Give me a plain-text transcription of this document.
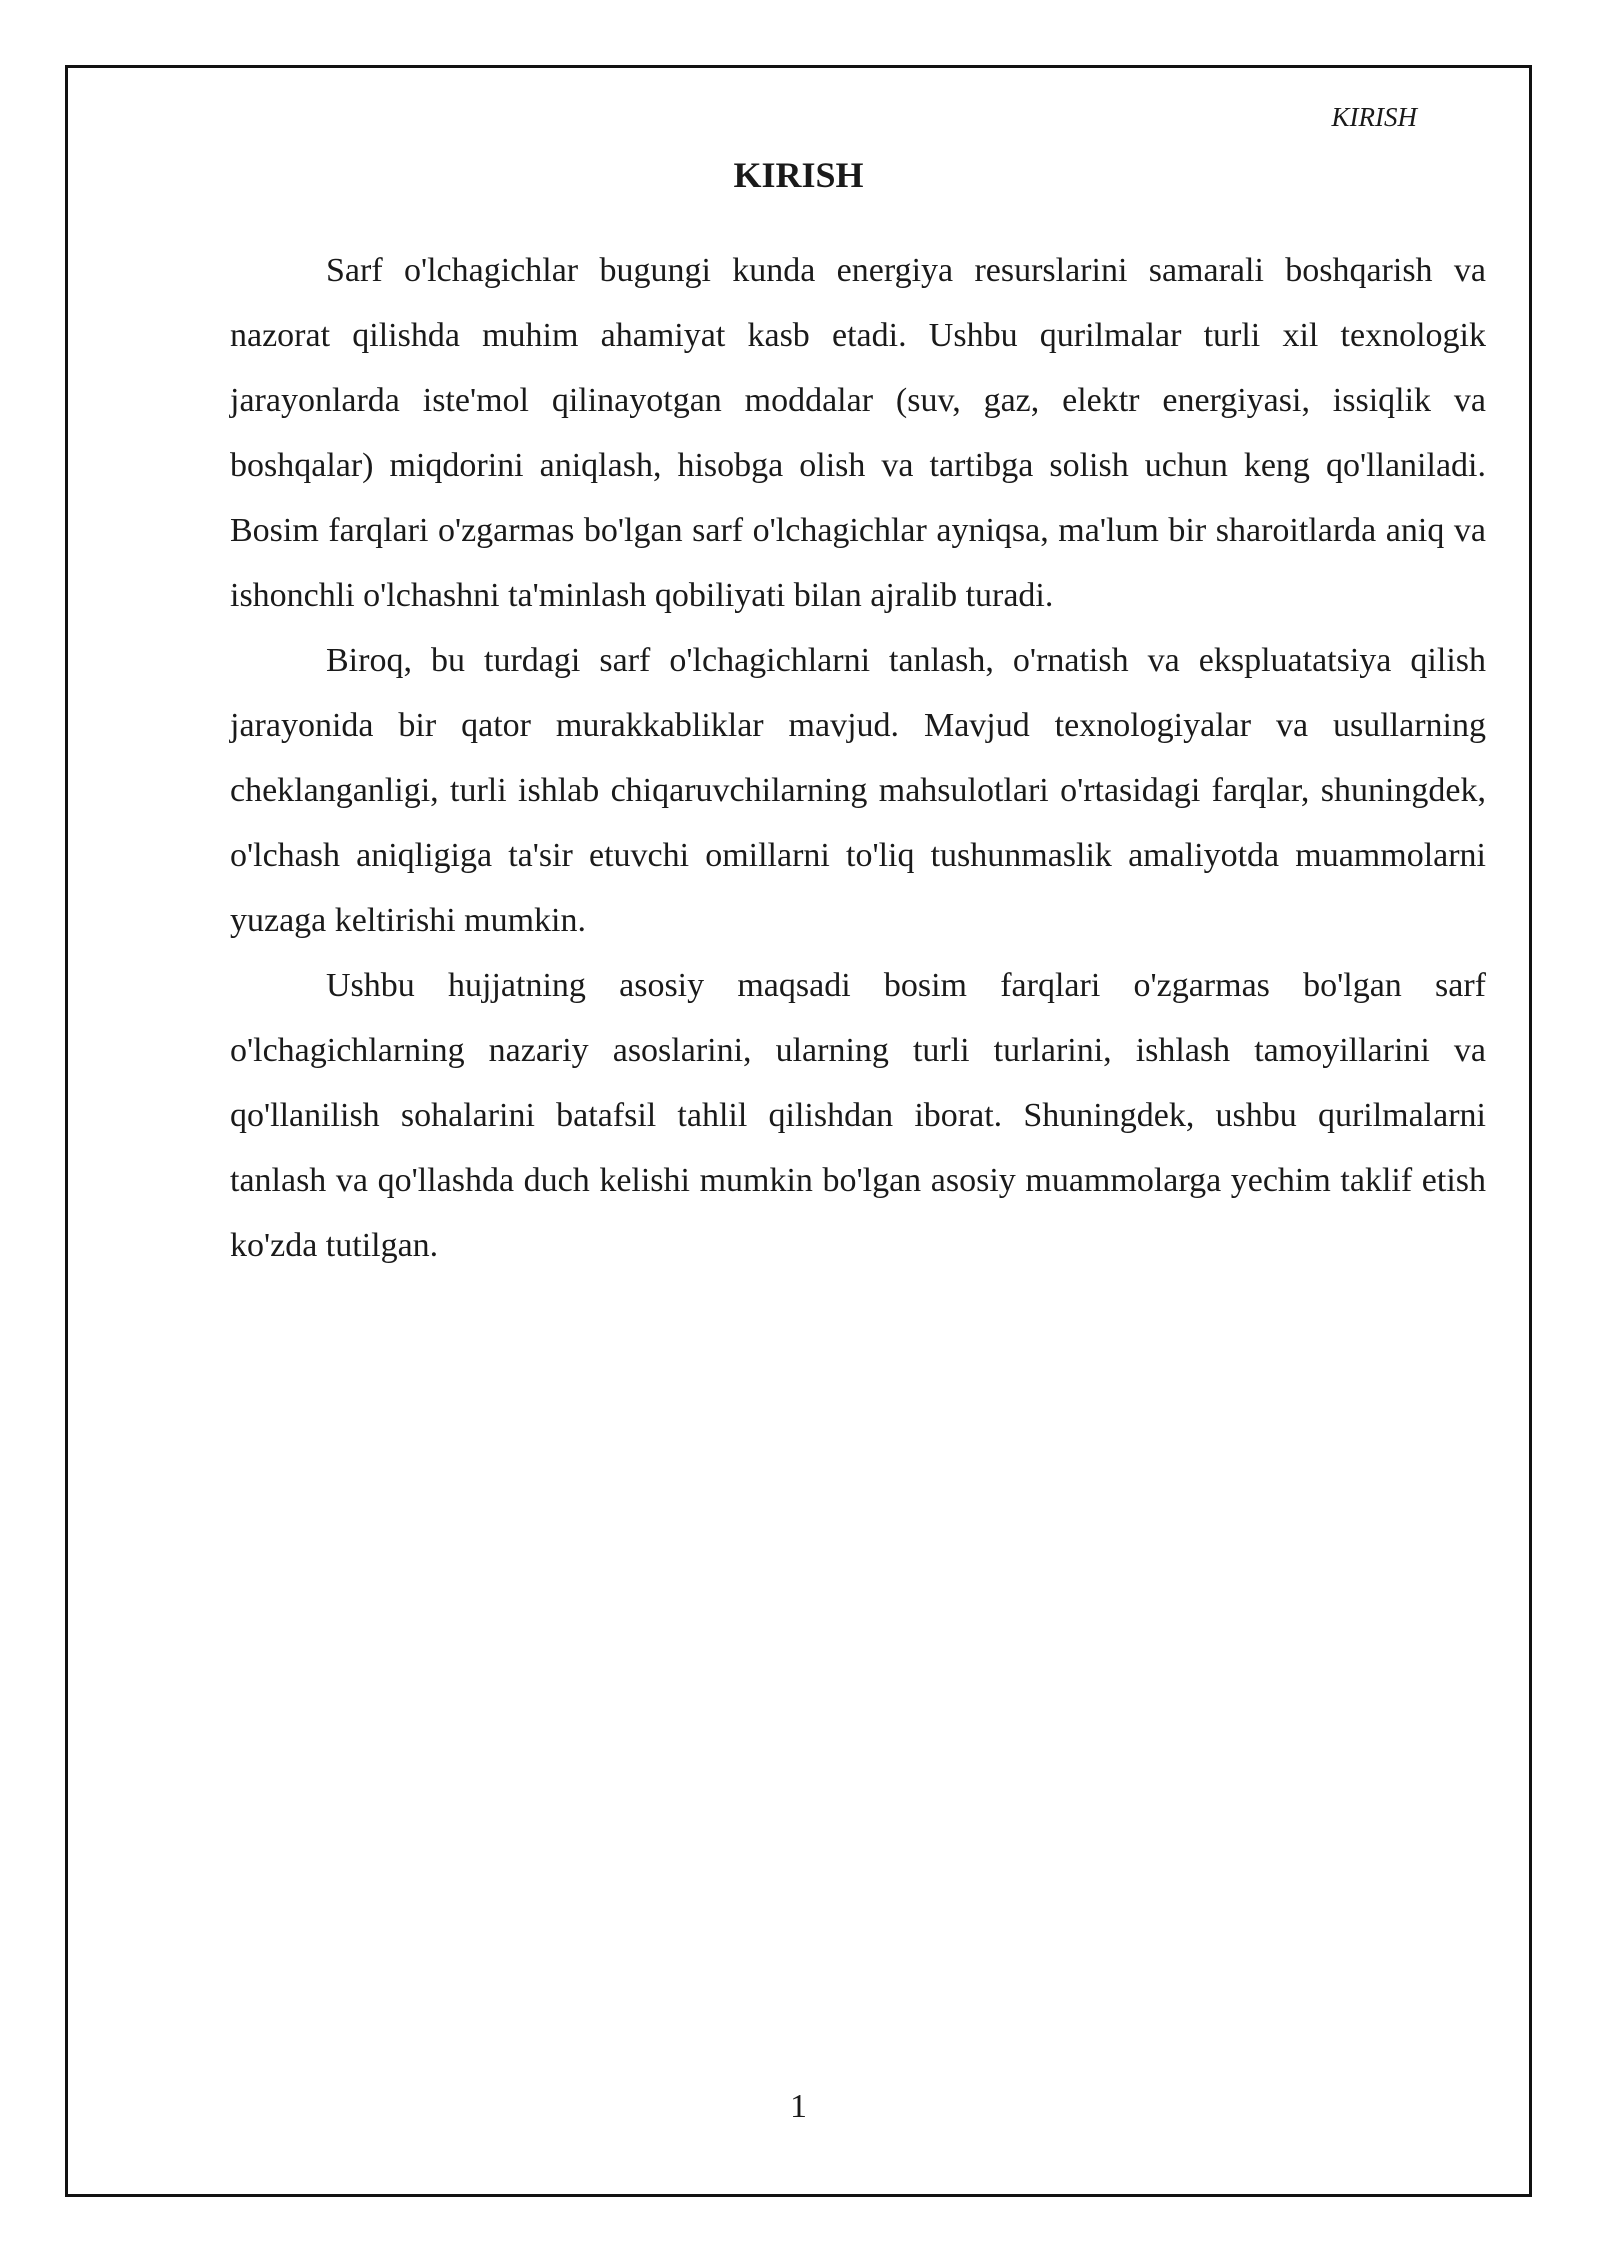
KIRISH
KIRISH

Sarf o'lchagichlar bugungi kunda energiya resurslarini samarali boshqarish va nazorat qilishda muhim ahamiyat kasb etadi. Ushbu qurilmalar turli xil texnologik jarayonlarda iste'mol qilinayotgan moddalar (suv, gaz, elektr energiyasi, issiqlik va boshqalar) miqdorini aniqlash, hisobga olish va tartibga solish uchun keng qo'llaniladi. Bosim farqlari o'zgarmas bo'lgan sarf o'lchagichlar ayniqsa, ma'lum bir sharoitlarda aniq va ishonchli o'lchashni ta'minlash qobiliyati bilan ajralib turadi.

Biroq, bu turdagi sarf o'lchagichlarni tanlash, o'rnatish va ekspluatatsiya qilish jarayonida bir qator murakkabliklar mavjud. Mavjud texnologiyalar va usullarning cheklanganligi, turli ishlab chiqaruvchilarning mahsulotlari o'rtasidagi farqlar, shuningdek, o'lchash aniqligiga ta'sir etuvchi omillarni to'liq tushunmaslik amaliyotda muammolarni yuzaga keltirishi mumkin.

Ushbu hujjatning asosiy maqsadi bosim farqlari o'zgarmas bo'lgan sarf o'lchagichlarning nazariy asoslarini, ularning turli turlarini, ishlash tamoyillarini va qo'llanilish sohalarini batafsil tahlil qilishdan iborat. Shuningdek, ushbu qurilmalarni tanlash va qo'llashda duch kelishi mumkin bo'lgan asosiy muammolarga yechim taklif etish ko'zda tutilgan.

1
